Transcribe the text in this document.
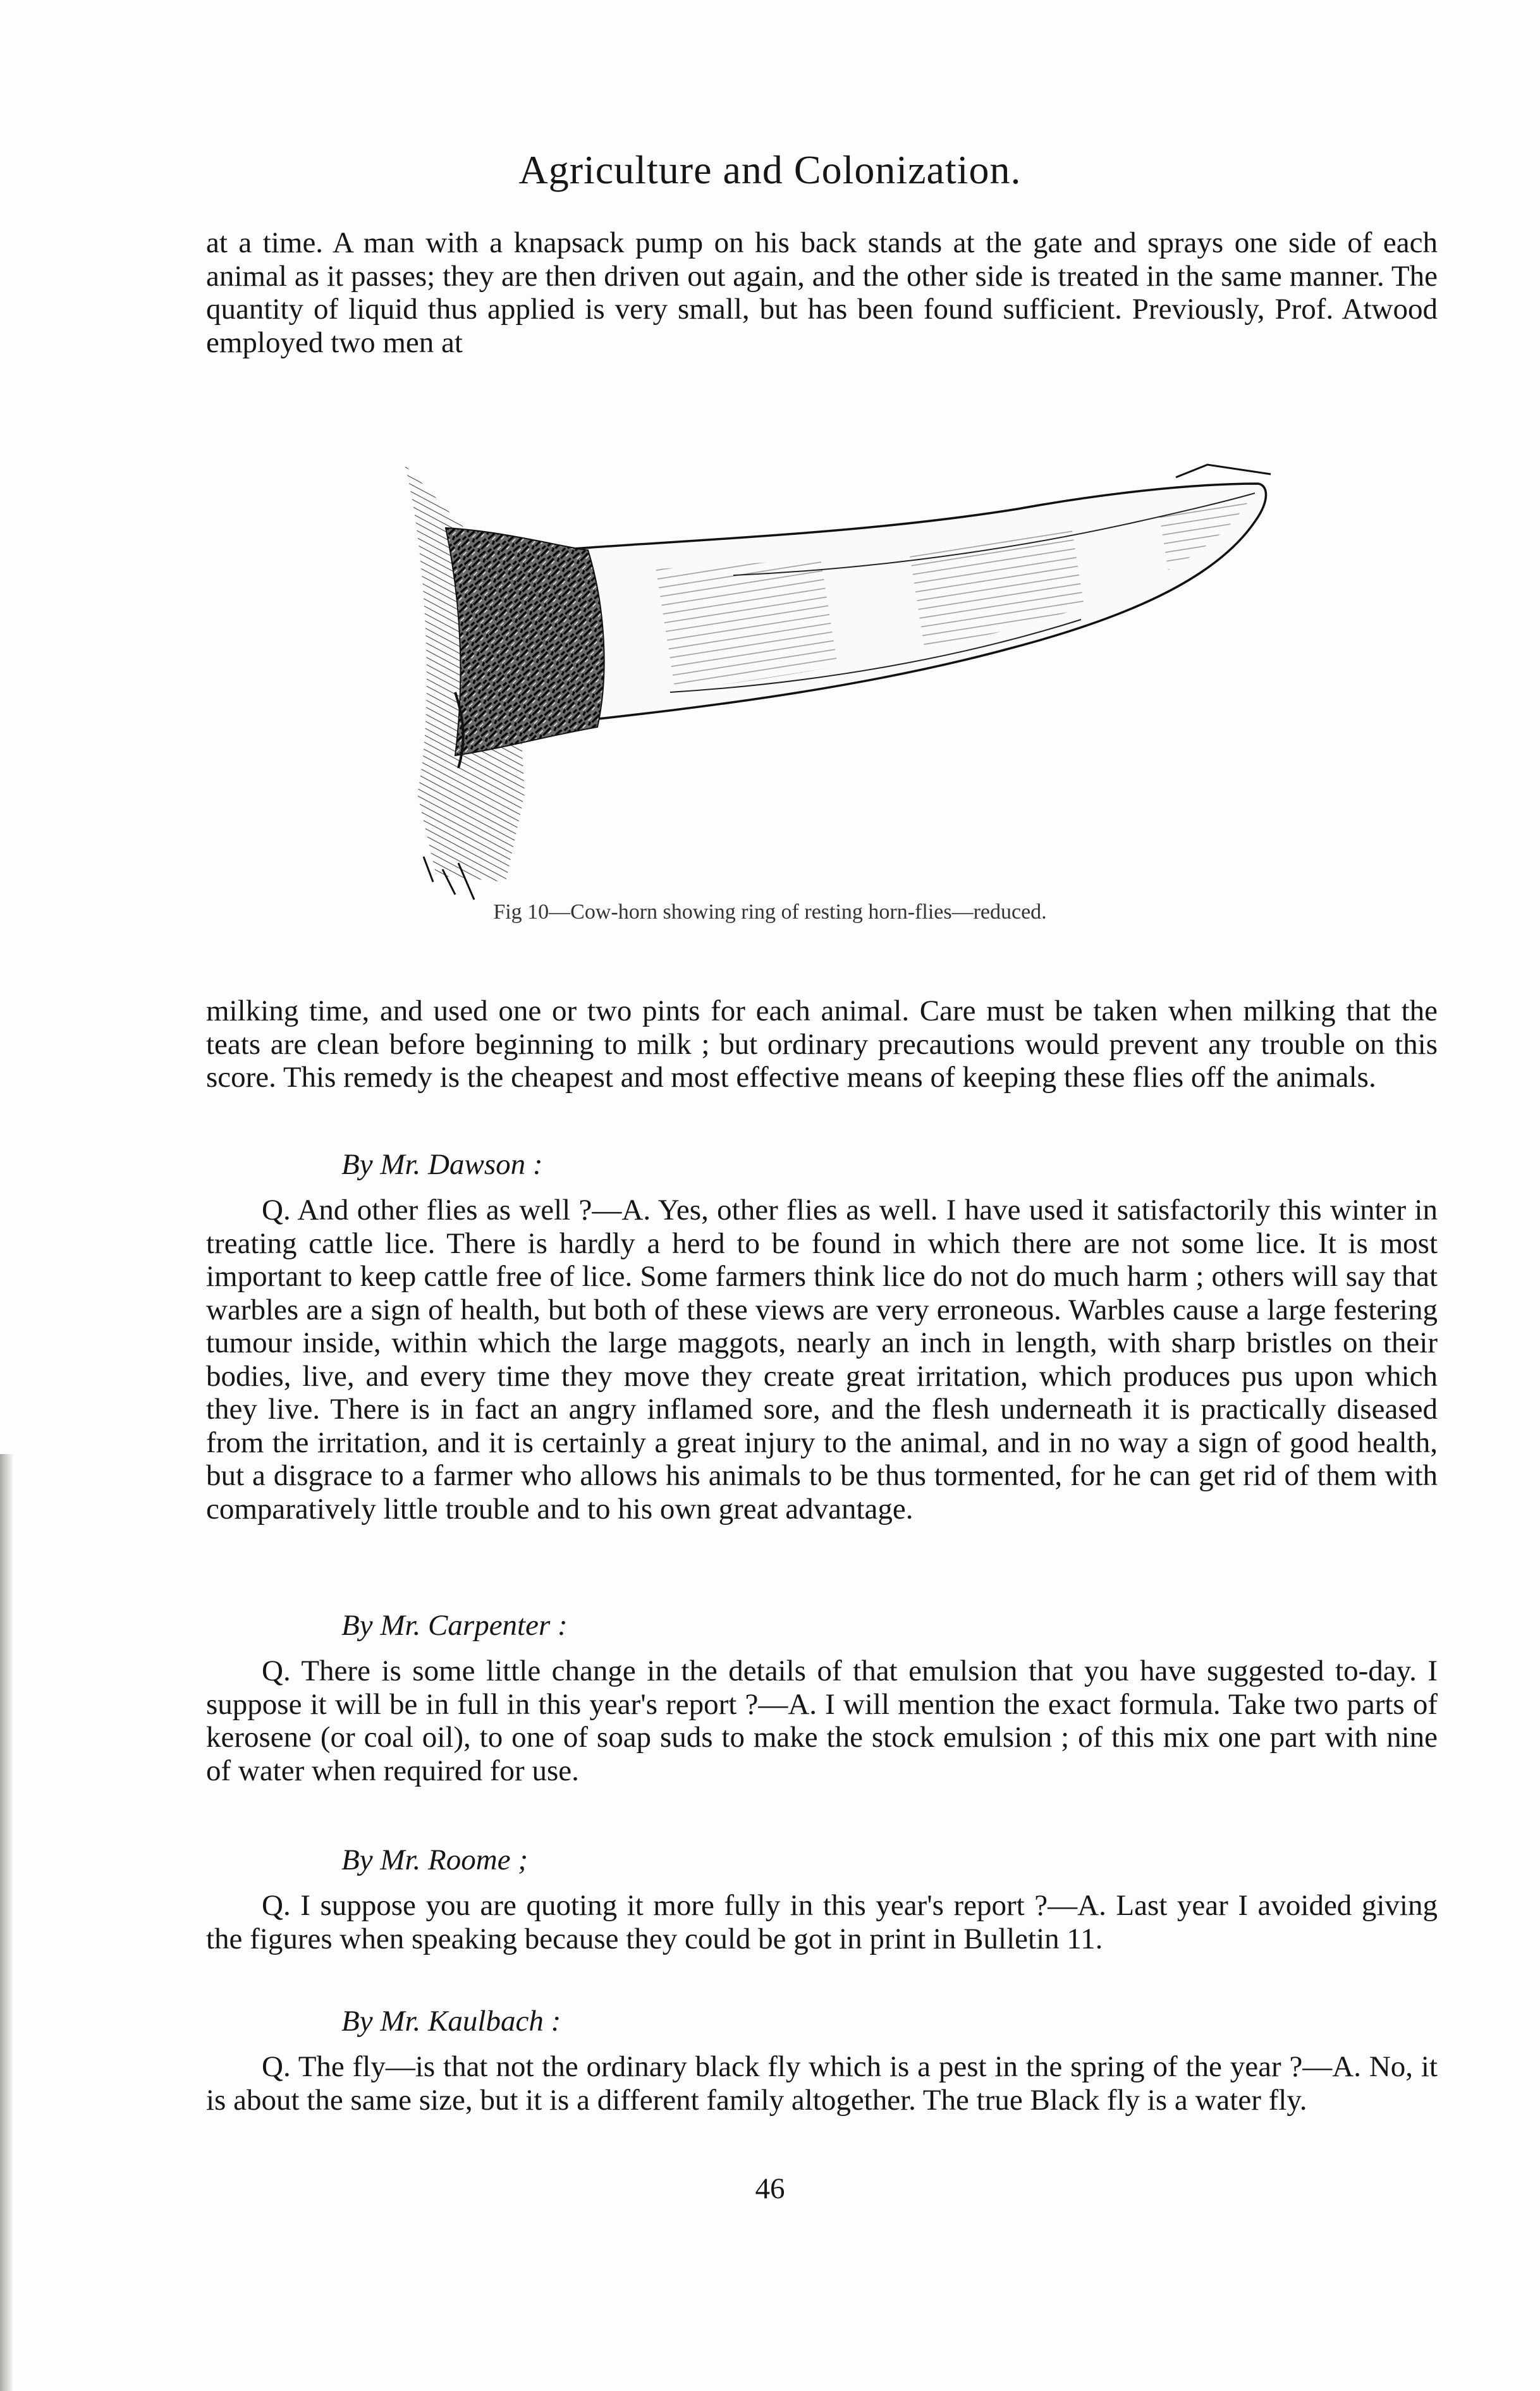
Agriculture and Colonization.

at a time. A man with a knapsack pump on his back stands at the gate and sprays one side of each animal as it passes; they are then driven out again, and the other side is treated in the same manner. The quantity of liquid thus applied is very small, but has been found sufficient. Previously, Prof. Atwood employed two men at

Fig 10—Cow-horn showing ring of resting horn-flies—reduced.

milking time, and used one or two pints for each animal. Care must be taken when milking that the teats are clean before beginning to milk ; but ordinary precautions would prevent any trouble on this score. This remedy is the cheapest and most effective means of keeping these flies off the animals.

By Mr. Dawson :

Q. And other flies as well ?—A. Yes, other flies as well. I have used it satisfactorily this winter in treating cattle lice. There is hardly a herd to be found in which there are not some lice. It is most important to keep cattle free of lice. Some farmers think lice do not do much harm ; others will say that warbles are a sign of health, but both of these views are very erroneous. Warbles cause a large festering tumour inside, within which the large maggots, nearly an inch in length, with sharp bristles on their bodies, live, and every time they move they create great irritation, which produces pus upon which they live. There is in fact an angry inflamed sore, and the flesh underneath it is practically diseased from the irritation, and it is certainly a great injury to the animal, and in no way a sign of good health, but a disgrace to a farmer who allows his animals to be thus tormented, for he can get rid of them with comparatively little trouble and to his own great advantage.

By Mr. Carpenter :

Q. There is some little change in the details of that emulsion that you have suggested to-day. I suppose it will be in full in this year's report ?—A. I will mention the exact formula. Take two parts of kerosene (or coal oil), to one of soap suds to make the stock emulsion ; of this mix one part with nine of water when required for use.

By Mr. Roome ;

Q. I suppose you are quoting it more fully in this year's report ?—A. Last year I avoided giving the figures when speaking because they could be got in print in Bulletin 11.

By Mr. Kaulbach :

Q. The fly—is that not the ordinary black fly which is a pest in the spring of the year ?—A. No, it is about the same size, but it is a different family altogether. The true Black fly is a water fly.

46
